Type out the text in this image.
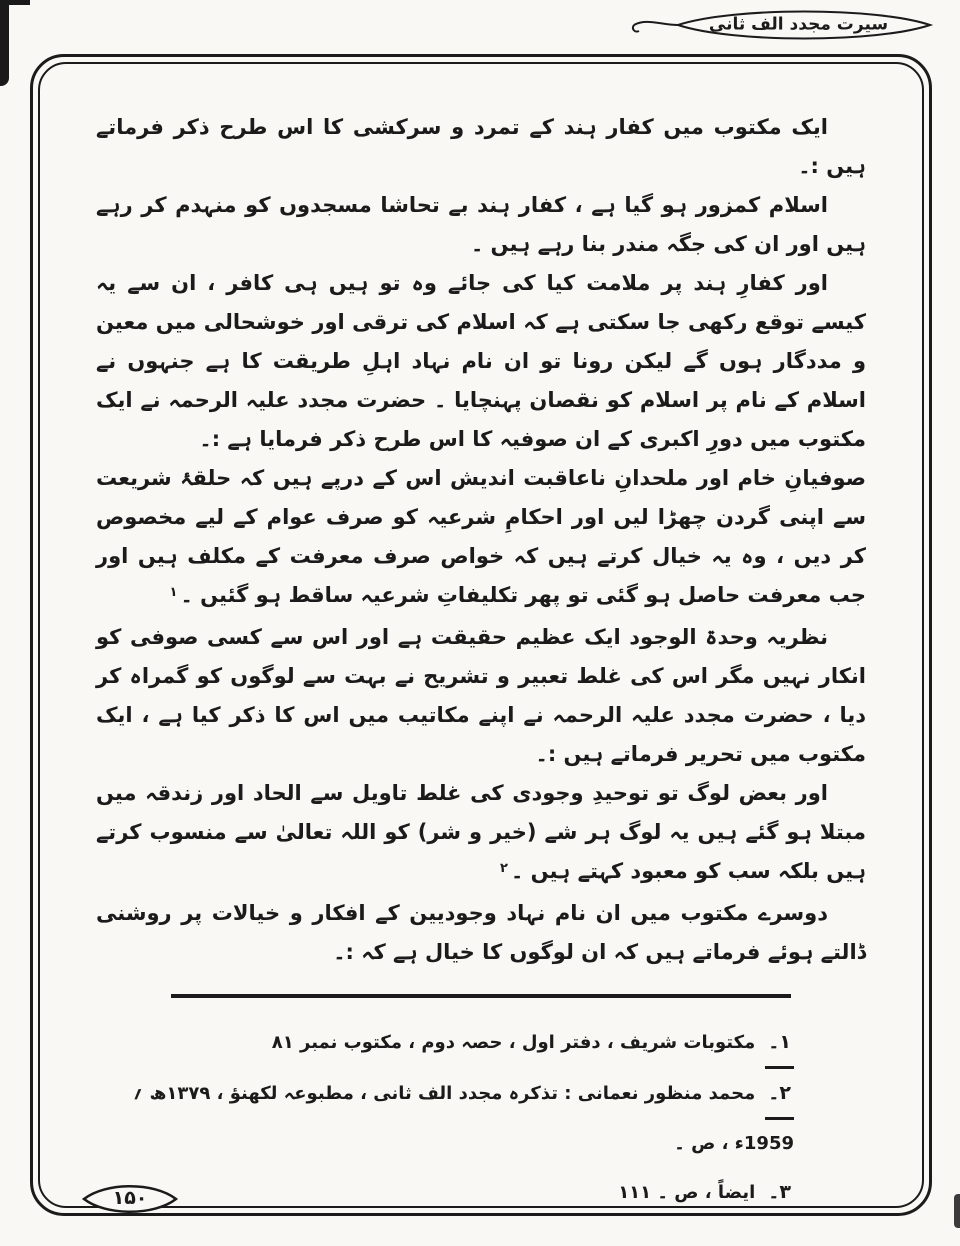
سیرت مجدد الف ثانی

ایک مکتوب میں کفار ہند کے تمرد و سرکشی کا اس طرح ذکر فرماتے ہیں :۔

اسلام کمزور ہو گیا ہے ، کفار ہند بے تحاشا مسجدوں کو منہدم کر رہے ہیں اور ان کی جگہ مندر بنا رہے ہیں ۔

اور کفارِ ہند پر ملامت کیا کی جائے وہ تو ہیں ہی کافر ، ان سے یہ کیسے توقع رکھی جا سکتی ہے کہ اسلام کی ترقی اور خوشحالی میں معین و مددگار ہوں گے لیکن رونا تو ان نام نہاد اہلِ طریقت کا ہے جنہوں نے اسلام کے نام پر اسلام کو نقصان پہنچایا ۔ حضرت مجدد علیہ الرحمہ نے ایک مکتوب میں دورِ اکبری کے ان صوفیہ کا اس طرح ذکر فرمایا ہے :۔

صوفیانِ خام اور ملحدانِ ناعاقبت اندیش اس کے درپے ہیں کہ حلقۂ شریعت سے اپنی گردن چھڑا لیں اور احکامِ شرعیہ کو صرف عوام کے لیے مخصوص کر دیں ، وہ یہ خیال کرتے ہیں کہ خواص صرف معرفت کے مکلف ہیں اور جب معرفت حاصل ہو گئی تو پھر تکلیفاتِ شرعیہ ساقط ہو گئیں ۔$^۱$

نظریہ وحدۃ الوجود ایک عظیم حقیقت ہے اور اس سے کسی صوفی کو انکار نہیں مگر اس کی غلط تعبیر و تشریح نے بہت سے لوگوں کو گمراہ کر دیا ، حضرت مجدد علیہ الرحمہ نے اپنے مکاتیب میں اس کا ذکر کیا ہے ، ایک مکتوب میں تحریر فرماتے ہیں :۔

اور بعض لوگ تو توحیدِ وجودی کی غلط تاویل سے الحاد اور زندقہ میں مبتلا ہو گئے ہیں یہ لوگ ہر شے (خیر و شر) کو اللہ تعالیٰ سے منسوب کرتے ہیں بلکہ سب کو معبود کہتے ہیں ۔$^۲$

دوسرے مکتوب میں ان نام نہاد وجودیین کے افکار و خیالات پر روشنی ڈالتے ہوئے فرماتے ہیں کہ ان لوگوں کا خیال ہے کہ :۔

۱۔مکتوبات شریف ، دفتر اول ، حصہ دوم ، مکتوب نمبر ۸۱
۲۔محمد منظور نعمانی : تذکرہ مجدد الف ثانی ، مطبوعہ لکھنؤ ، ۱۳۷۹ھ ؍ 1959ء ، ص ۔
۳۔ایضاً ، ص ۔ ۱۱۱
۱۵۰
